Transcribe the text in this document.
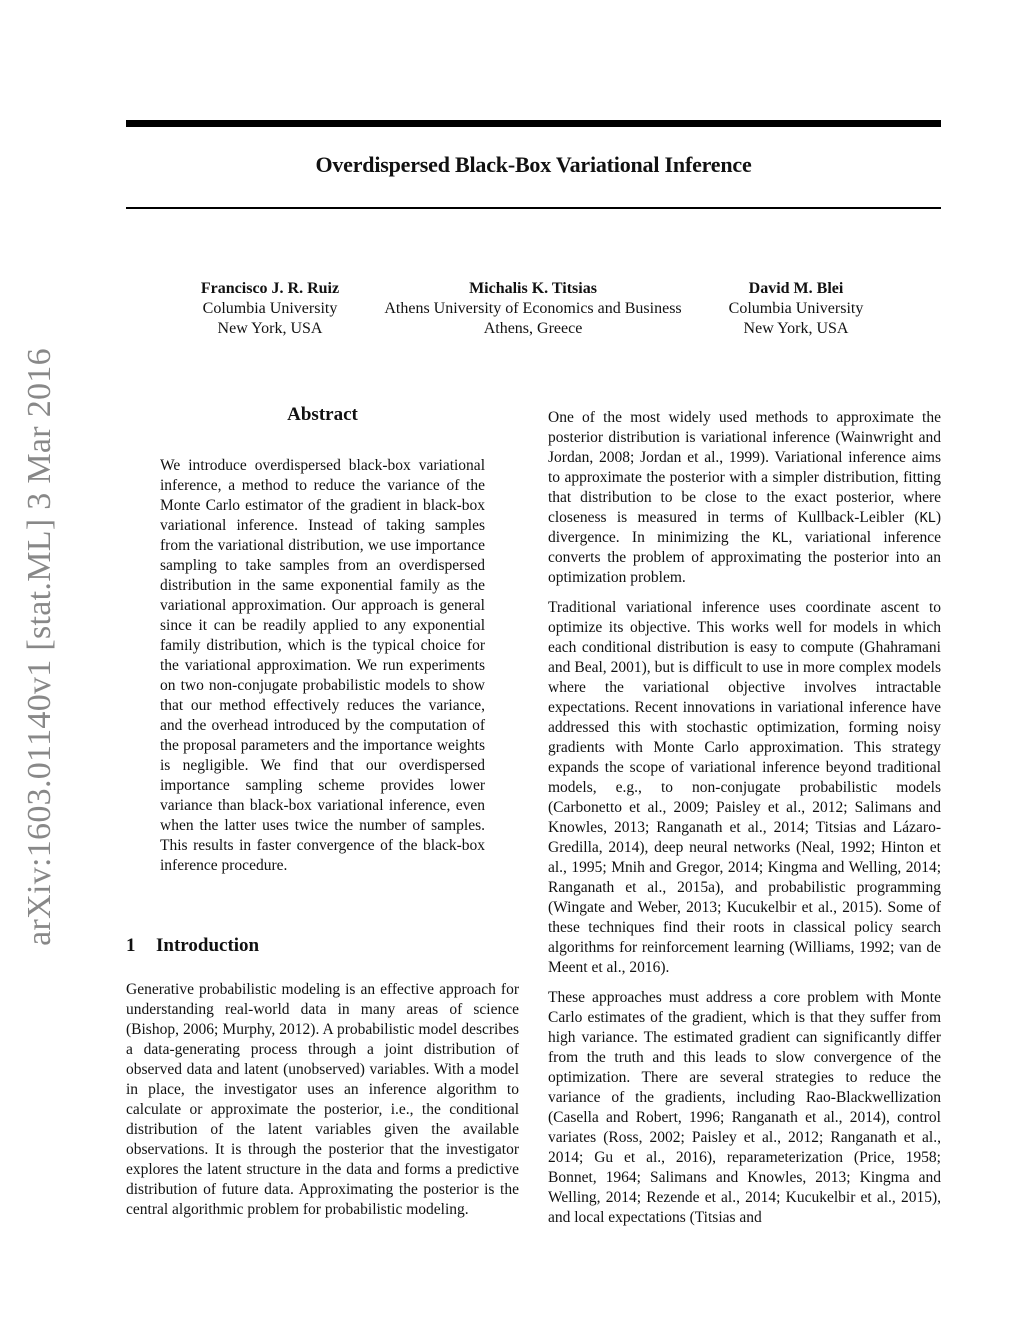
Overdispersed Black-Box Variational Inference
Francisco J. R. Ruiz
Columbia University
New York, USA
Michalis K. Titsias
Athens University of Economics and Business
Athens, Greece
David M. Blei
Columbia University
New York, USA
arXiv:1603.01140v1 [stat.ML] 3 Mar 2016	Abstract

We introduce overdispersed black-box variational inference, a method to reduce the variance of the Monte Carlo estimator of the gradient in black-box variational inference. Instead of taking samples from the variational distribution, we use importance sampling to take samples from an overdispersed distribution in the same exponential family as the variational approximation. Our approach is general since it can be readily applied to any exponential family distribution, which is the typical choice for the variational approximation. We run experiments on two non-conjugate probabilistic models to show that our method effectively reduces the variance, and the overhead introduced by the computation of the proposal parameters and the importance weights is negligible. We find that our overdispersed importance sampling scheme provides lower variance than black-box variational inference, even when the latter uses twice the number of samples. This results in faster convergence of the black-box inference procedure.

1 Introduction

Generative probabilistic modeling is an effective approach for understanding real-world data in many areas of science (Bishop, 2006; Murphy, 2012). A probabilistic model describes a data-generating process through a joint distribution of observed data and latent (unobserved) variables. With a model in place, the investigator uses an inference algorithm to calculate or approximate the posterior, i.e., the conditional distribution of the latent variables given the available observations. It is through the posterior that the investigator explores the latent structure in the data and forms a predictive distribution of future data. Approximating the posterior is the central algorithmic problem for probabilistic modeling.

One of the most widely used methods to approximate the posterior distribution is variational inference (Wainwright and Jordan, 2008; Jordan et al., 1999). Variational inference aims to approximate the posterior with a simpler distribution, fitting that distribution to be close to the exact posterior, where closeness is measured in terms of Kullback-Leibler (KL) divergence. In minimizing the KL, variational inference converts the problem of approximating the posterior into an optimization problem.

Traditional variational inference uses coordinate ascent to optimize its objective. This works well for models in which each conditional distribution is easy to compute (Ghahramani and Beal, 2001), but is difficult to use in more complex models where the variational objective involves intractable expectations. Recent innovations in variational inference have addressed this with stochastic optimization, forming noisy gradients with Monte Carlo approximation. This strategy expands the scope of variational inference beyond traditional models, e.g., to non-conjugate probabilistic models (Carbonetto et al., 2009; Paisley et al., 2012; Salimans and Knowles, 2013; Ranganath et al., 2014; Titsias and Lázaro-Gredilla, 2014), deep neural networks (Neal, 1992; Hinton et al., 1995; Mnih and Gregor, 2014; Kingma and Welling, 2014; Ranganath et al., 2015a), and probabilistic programming (Wingate and Weber, 2013; Kucukelbir et al., 2015). Some of these techniques find their roots in classical policy search algorithms for reinforcement learning (Williams, 1992; van de Meent et al., 2016).

These approaches must address a core problem with Monte Carlo estimates of the gradient, which is that they suffer from high variance. The estimated gradient can significantly differ from the truth and this leads to slow convergence of the optimization. There are several strategies to reduce the variance of the gradients, including Rao-Blackwellization (Casella and Robert, 1996; Ranganath et al., 2014), control variates (Ross, 2002; Paisley et al., 2012; Ranganath et al., 2014; Gu et al., 2016), reparameterization (Price, 1958; Bonnet, 1964; Salimans and Knowles, 2013; Kingma and Welling, 2014; Rezende et al., 2014; Kucukelbir et al., 2015), and local expectations (Titsias and
